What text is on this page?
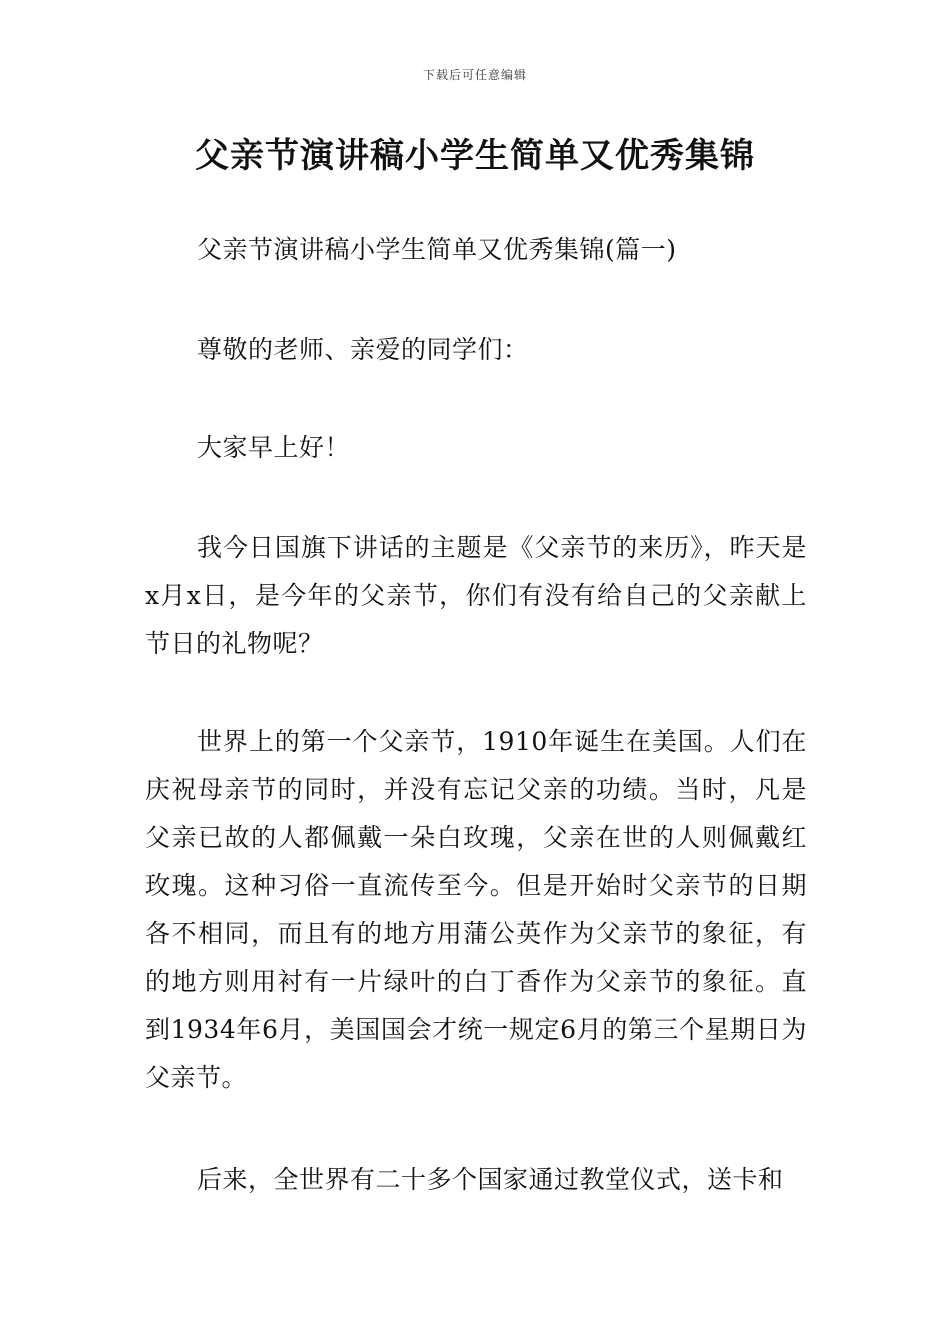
下载后可任意编辑
父亲节演讲稿小学生简单又优秀集锦

父亲节演讲稿小学生简单又优秀集锦(篇一)

尊敬的老师、亲爱的同学们：

大家早上好！

我今日国旗下讲话的主题是《父亲节的来历》，昨天是x月x日，是今年的父亲节，你们有没有给自己的父亲献上节日的礼物呢？

世界上的第一个父亲节，1910年诞生在美国。人们在庆祝母亲节的同时，并没有忘记父亲的功绩。当时，凡是父亲已故的人都佩戴一朵白玫瑰，父亲在世的人则佩戴红玫瑰。这种习俗一直流传至今。但是开始时父亲节的日期各不相同，而且有的地方用蒲公英作为父亲节的象征，有的地方则用衬有一片绿叶的白丁香作为父亲节的象征。直到1934年6月，美国国会才统一规定6月的第三个星期日为父亲节。

后来，全世界有二十多个国家通过教堂仪式，送卡和
